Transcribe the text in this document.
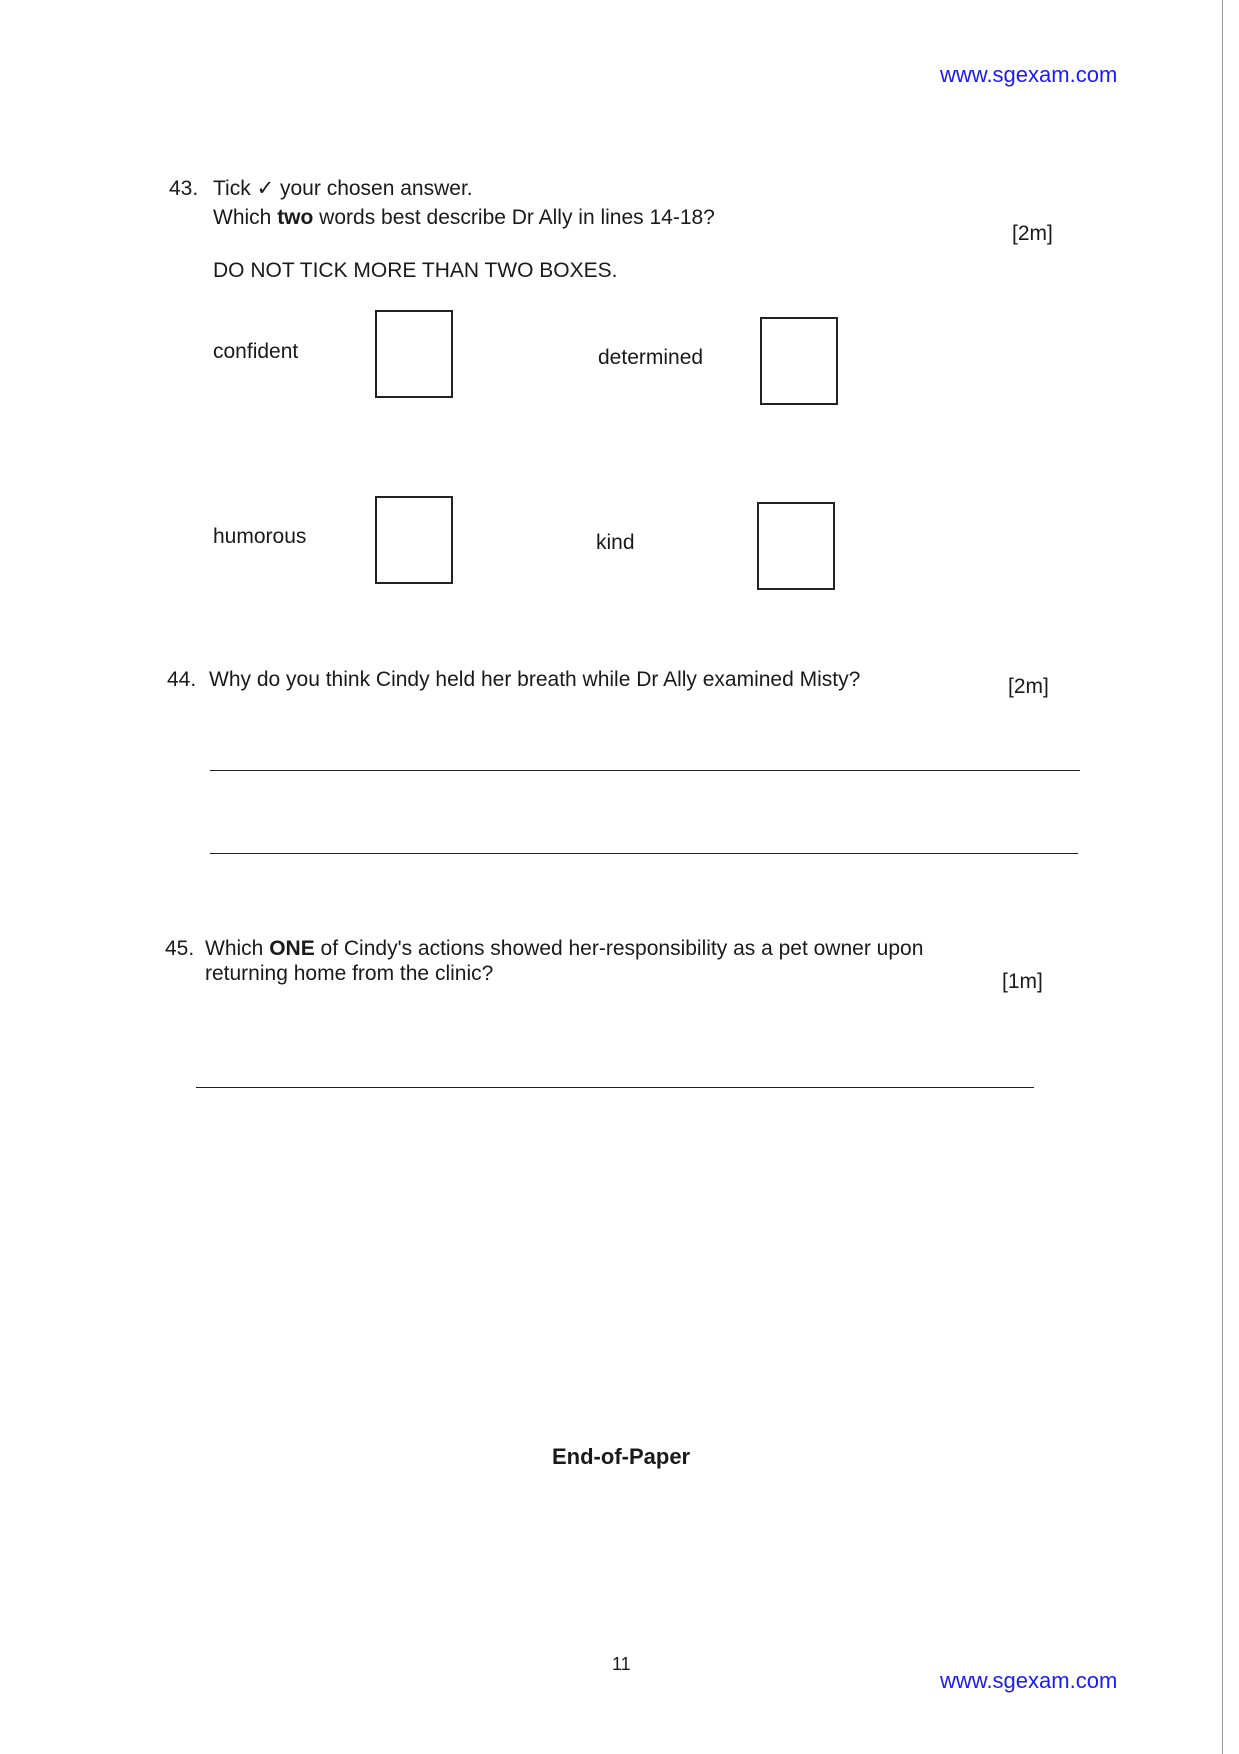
www.sgexam.com
43. Tick ✓ your chosen answer.
Which two words best describe Dr Ally in lines 14-18?
[2m]
DO NOT TICK MORE THAN TWO BOXES.
confident	determined
humorous	kind
44. Why do you think Cindy held her breath while Dr Ally examined Misty?	[2m]
45. Which ONE of Cindy's actions showed her-responsibility as a pet owner upon
returning home from the clinic?	[1m]
End-of-Paper
11
www.sgexam.com
